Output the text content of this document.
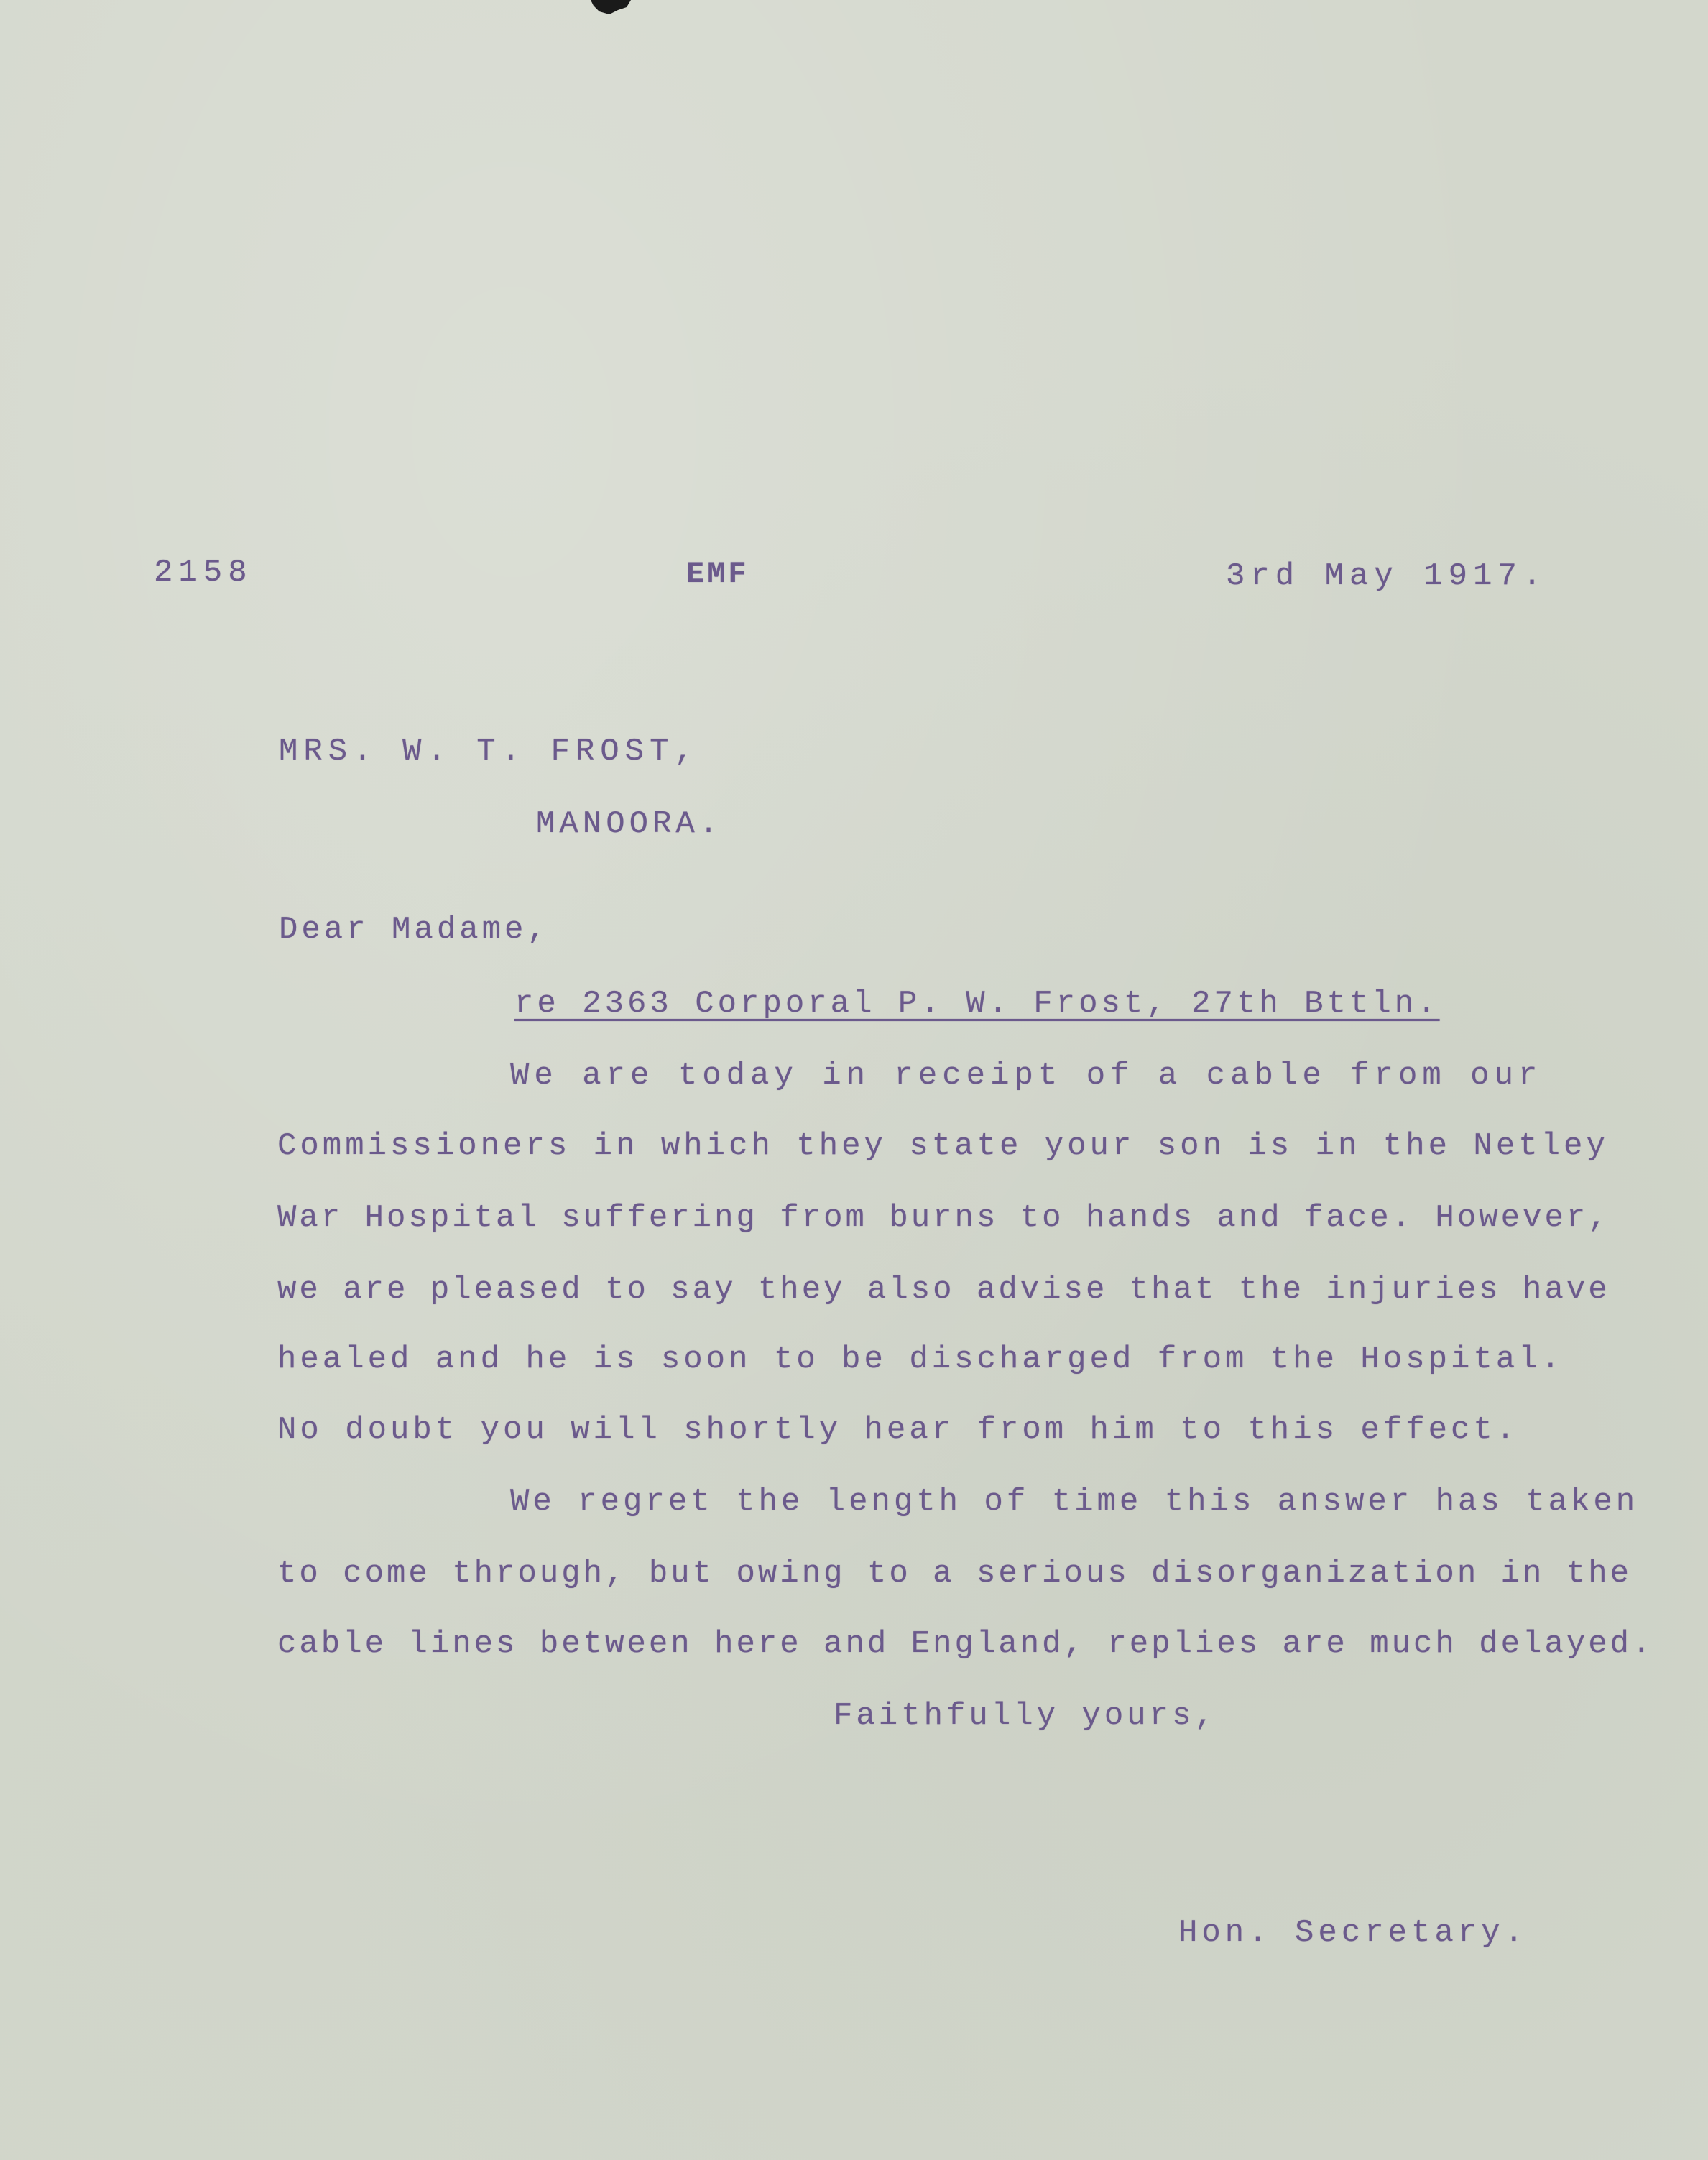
2158	EMF	3rd May 1917.
MRS. W. T. FROST,
MANOORA.
Dear Madame,
re 2363 Corporal P. W. Frost, 27th Bttln.
We are today in receipt of a cable from our
Commissioners in which they state your son is in the Netley
War Hospital suffering from burns to hands and face. However,
we are pleased to say they also advise that the injuries have
healed and he is soon to be discharged from the Hospital.
No doubt you will shortly hear from him to this effect.
We regret the length of time this answer has taken
to come through, but owing to a serious disorganization in the
cable lines between here and England, replies are much delayed.
Faithfully yours,
Hon. Secretary.
